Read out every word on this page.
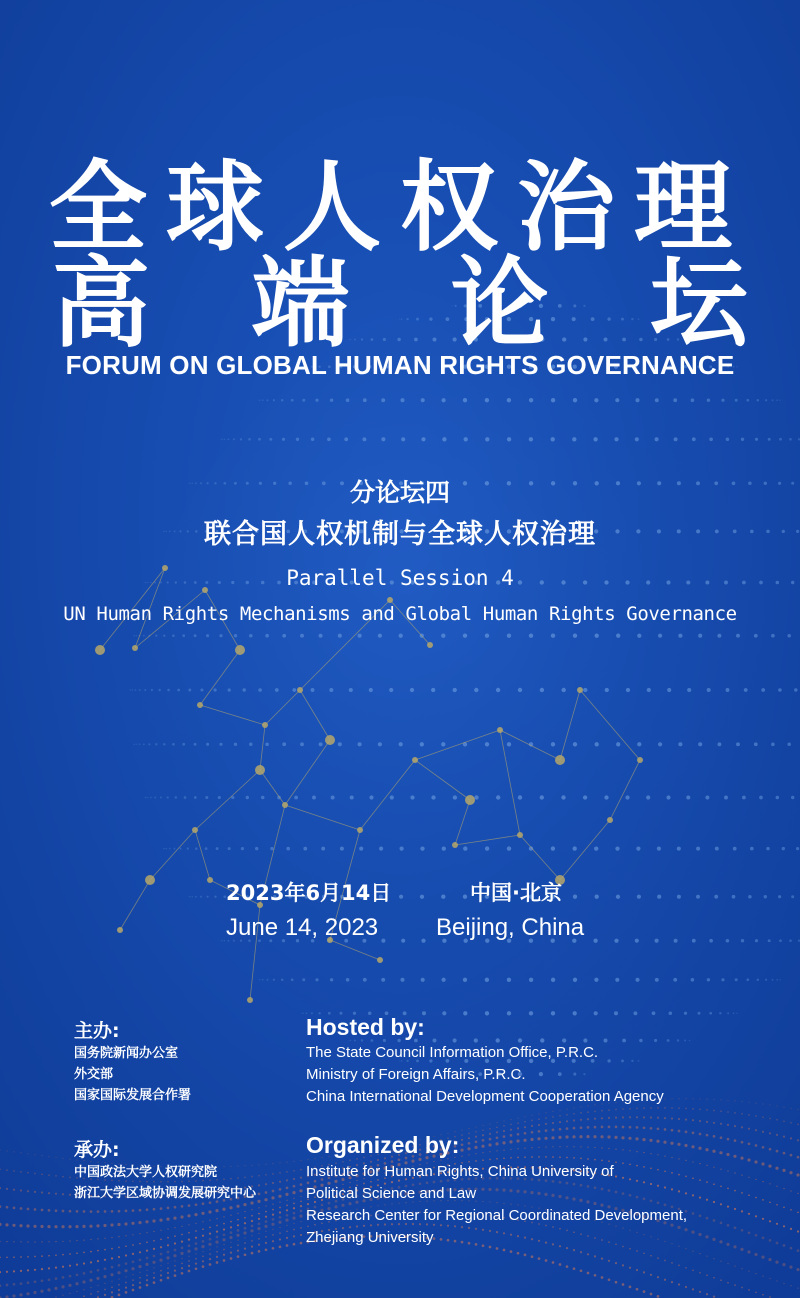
全球人权治理
高 端 论 坛
FORUM ON GLOBAL HUMAN RIGHTS GOVERNANCE
分论坛四
联合国人权机制与全球人权治理
Parallel Session 4
UN Human Rights Mechanisms and Global Human Rights Governance
2023年6月14日	中国·北京
June 14, 2023 Beijing, China
主办:	Hosted by:
国务院新闻办公室
外交部
国家国际发展合作署
The State Council Information Office, P.R.C.
Ministry of Foreign Affairs, P.R.C.
China International Development Cooperation Agency
承办:	Organized by:
中国政法大学人权研究院
浙江大学区域协调发展研究中心
Institute for Human Rights, China University of
Political Science and Law
Research Center for Regional Coordinated Development,
Zhejiang University
